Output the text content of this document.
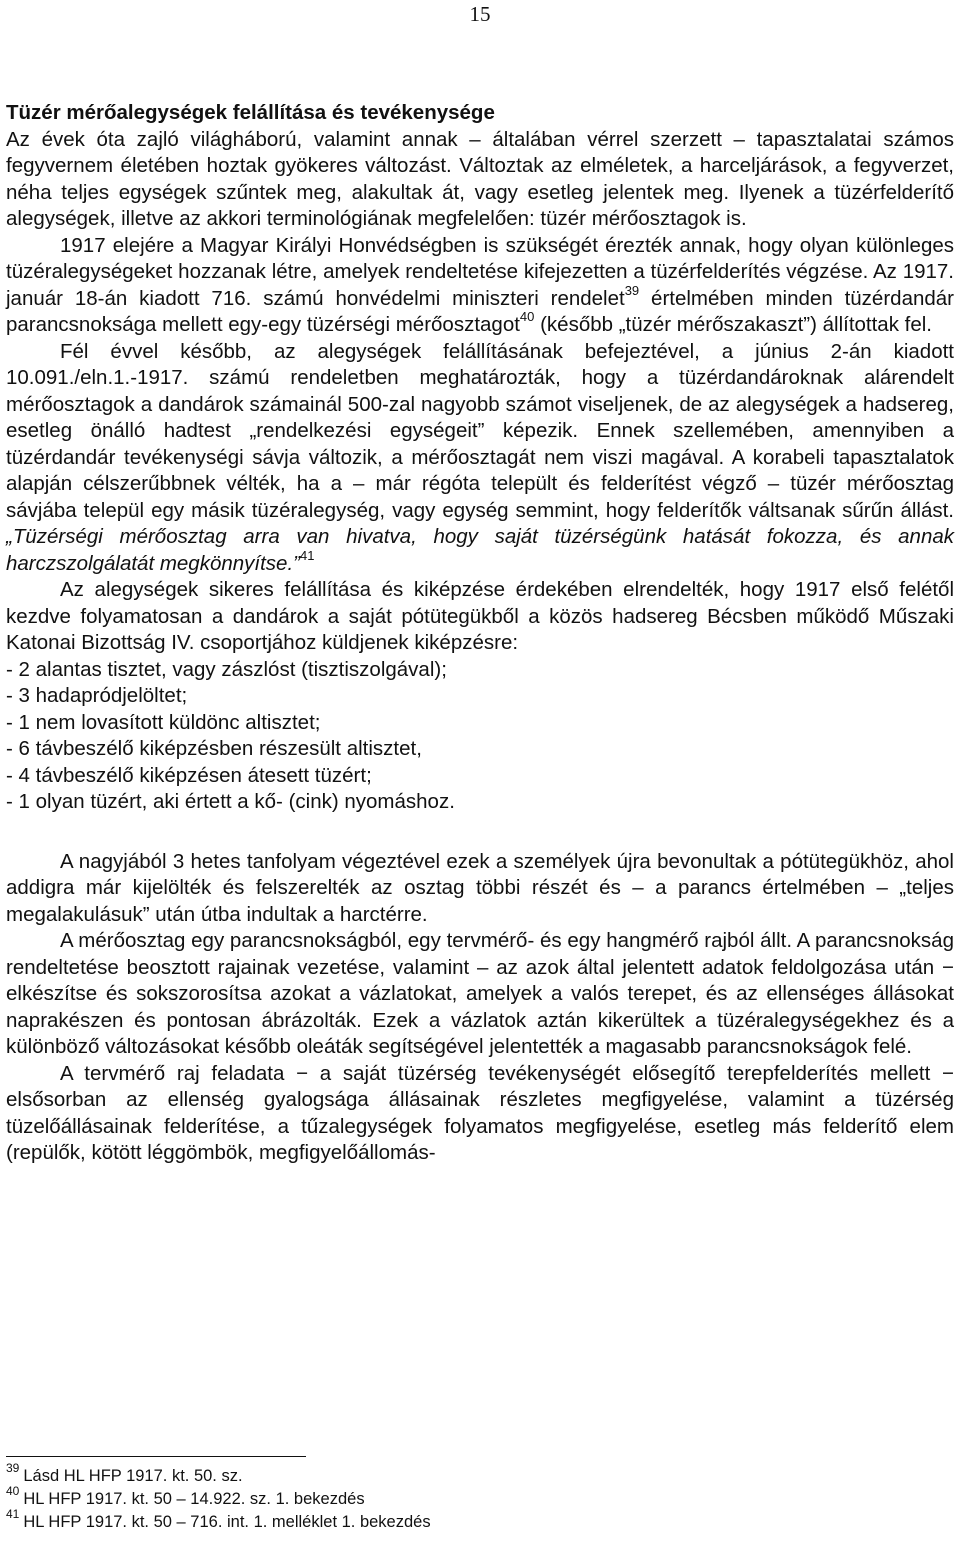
15
Tüzér mérőalegységek felállítása és tevékenysége

Az évek óta zajló világháború, valamint annak – általában vérrel szerzett – tapasztalatai számos fegyvernem életében hoztak gyökeres változást. Változtak az elméletek, a harceljárások, a fegyverzet, néha teljes egységek szűntek meg, alakultak át, vagy esetleg jelentek meg. Ilyenek a tüzérfelderítő alegységek, illetve az akkori terminológiának megfelelően: tüzér mérőosztagok is.

1917 elejére a Magyar Királyi Honvédségben is szükségét érezték annak, hogy olyan különleges tüzéralegységeket hozzanak létre, amelyek rendeltetése kifejezetten a tüzérfelderítés végzése. Az 1917. január 18-án kiadott 716. számú honvédelmi miniszteri rendelet$^{39}$ értelmében minden tüzérdandár parancsnoksága mellett egy-egy tüzérségi mérőosztagot$^{40}$ (később „tüzér mérőszakaszt”) állítottak fel.

Fél évvel később, az alegységek felállításának befejeztével, a június 2-án kiadott 10.091./eln.1.-1917. számú rendeletben meghatározták, hogy a tüzérdandároknak alárendelt mérőosztagok a dandárok számainál 500-zal nagyobb számot viseljenek, de az alegységek a hadsereg, esetleg önálló hadtest „rendelkezési egységeit” képezik. Ennek szellemében, amennyiben a tüzérdandár tevékenységi sávja változik, a mérőosztagát nem viszi magával. A korabeli tapasztalatok alapján célszerűbbnek vélték, ha a – már régóta települt és felderítést végző – tüzér mérőosztag sávjába települ egy másik tüzéralegység, vagy egység semmint, hogy felderítők váltsanak sűrűn állást. „Tüzérségi mérőosztag arra van hivatva, hogy saját tüzérségünk hatását fokozza, és annak harczszolgálatát megkönnyítse.”$^{41}$

Az alegységek sikeres felállítása és kiképzése érdekében elrendelték, hogy 1917 első felétől kezdve folyamatosan a dandárok a saját pótütegükből a közös hadsereg Bécsben működő Műszaki Katonai Bizottság IV. csoportjához küldjenek kiképzésre:

- 2 alantas tisztet, vagy zászlóst (tisztiszolgával);
- 3 hadapródjelöltet;
- 1 nem lovasított küldönc altisztet;
- 6 távbeszélő kiképzésben részesült altisztet,
- 4 távbeszélő kiképzésen átesett tüzért;
- 1 olyan tüzért, aki értett a kő- (cink) nyomáshoz.

A nagyjából 3 hetes tanfolyam végeztével ezek a személyek újra bevonultak a pótütegükhöz, ahol addigra már kijelölték és felszerelték az osztag többi részét és – a parancs értelmében – „teljes megalakulásuk” után útba indultak a harctérre.

A mérőosztag egy parancsnokságból, egy tervmérő- és egy hangmérő rajból állt. A parancsnokság rendeltetése beosztott rajainak vezetése, valamint – az azok által jelentett adatok feldolgozása után − elkészítse és sokszorosítsa azokat a vázlatokat, amelyek a valós terepet, és az ellenséges állásokat naprakészen és pontosan ábrázolták. Ezek a vázlatok aztán kikerültek a tüzéralegységekhez és a különböző változásokat később oleáták segítségével jelentették a magasabb parancsnokságok felé.

A tervmérő raj feladata − a saját tüzérség tevékenységét elősegítő terepfelderítés mellett − elsősorban az ellenség gyalogsága állásainak részletes megfigyelése, valamint a tüzérség tüzelőállásainak felderítése, a tűzalegységek folyamatos megfigyelése, esetleg más felderítő elem (repülők, kötött léggömbök, megfigyelőállomás-

$^{39}$ Lásd HL HFP 1917. kt. 50. sz.
$^{40}$ HL HFP 1917. kt. 50 – 14.922. sz. 1. bekezdés
$^{41}$ HL HFP 1917. kt. 50 – 716. int. 1. melléklet 1. bekezdés
